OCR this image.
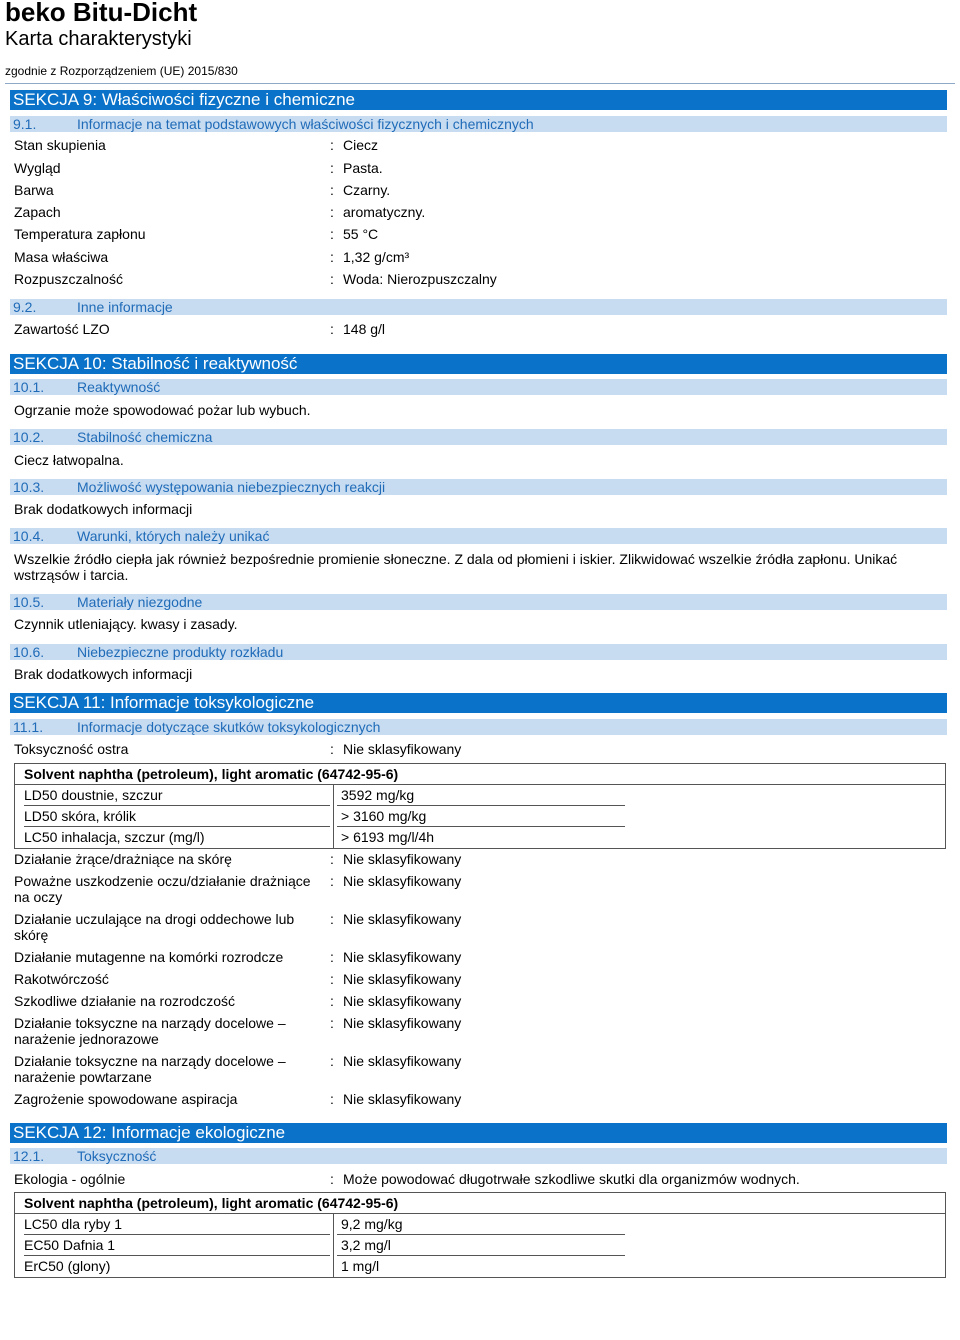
beko Bitu-Dicht
Karta charakterystyki
zgodnie z Rozporządzeniem (UE) 2015/830
SEKCJA 9: Właściwości fizyczne i chemiczne
9.1.	Informacje na temat podstawowych właściwości fizycznych i chemicznych
Stan skupienia	: Ciecz
Wygląd	: Pasta.
Barwa	: Czarny.
Zapach	: aromatyczny.
Temperatura zapłonu	: 55 °C
Masa właściwa	: 1,32 g/cm³
Rozpuszczalność	: Woda: Nierozpuszczalny
9.2.	Inne informacje
Zawartość LZO	: 148 g/l
SEKCJA 10: Stabilność i reaktywność
10.1. Reaktywność
Ogrzanie może spowodować pożar lub wybuch.
10.2. Stabilność chemiczna
Ciecz łatwopalna.
10.3. Możliwość występowania niebezpiecznych reakcji
Brak dodatkowych informacji
10.4. Warunki, których należy unikać
Wszelkie źródło ciepła jak również bezpośrednie promienie słoneczne. Z dala od płomieni i iskier. Zlikwidować wszelkie źródła zapłonu. Unikać wstrząsów i tarcia.
10.5. Materiały niezgodne
Czynnik utleniający. kwasy i zasady.
10.6. Niebezpieczne produkty rozkładu
Brak dodatkowych informacji
SEKCJA 11: Informacje toksykologiczne
11.1. Informacje dotyczące skutków toksykologicznych
Toksyczność ostra	: Nie sklasyfikowany
Solvent naphtha (petroleum), light aromatic (64742-95-6)
LD50 doustnie, szczur	3592 mg/kg
LD50 skóra, królik	> 3160 mg/kg
LC50 inhalacja, szczur (mg/l)	> 6193 mg/l/4h
Działanie żrące/drażniące na skórę	: Nie sklasyfikowany
Poważne uszkodzenie oczu/działanie drażniące na oczy
: Nie sklasyfikowany
Działanie uczulające na drogi oddechowe lub skórę
: Nie sklasyfikowany
Działanie mutagenne na komórki rozrodcze	: Nie sklasyfikowany
Rakotwórczość	: Nie sklasyfikowany
Szkodliwe działanie na rozrodczość	: Nie sklasyfikowany
Działanie toksyczne na narządy docelowe – narażenie jednorazowe
: Nie sklasyfikowany
Działanie toksyczne na narządy docelowe – narażenie powtarzane
: Nie sklasyfikowany
Zagrożenie spowodowane aspiracja	: Nie sklasyfikowany
SEKCJA 12: Informacje ekologiczne
12.1. Toksyczność
Ekologia - ogólnie	: Może powodować długotrwałe szkodliwe skutki dla organizmów wodnych.
Solvent naphtha (petroleum), light aromatic (64742-95-6)
LC50 dla ryby 1	9,2 mg/kg
EC50 Dafnia 1	3,2 mg/l
ErC50 (glony)	1 mg/l
